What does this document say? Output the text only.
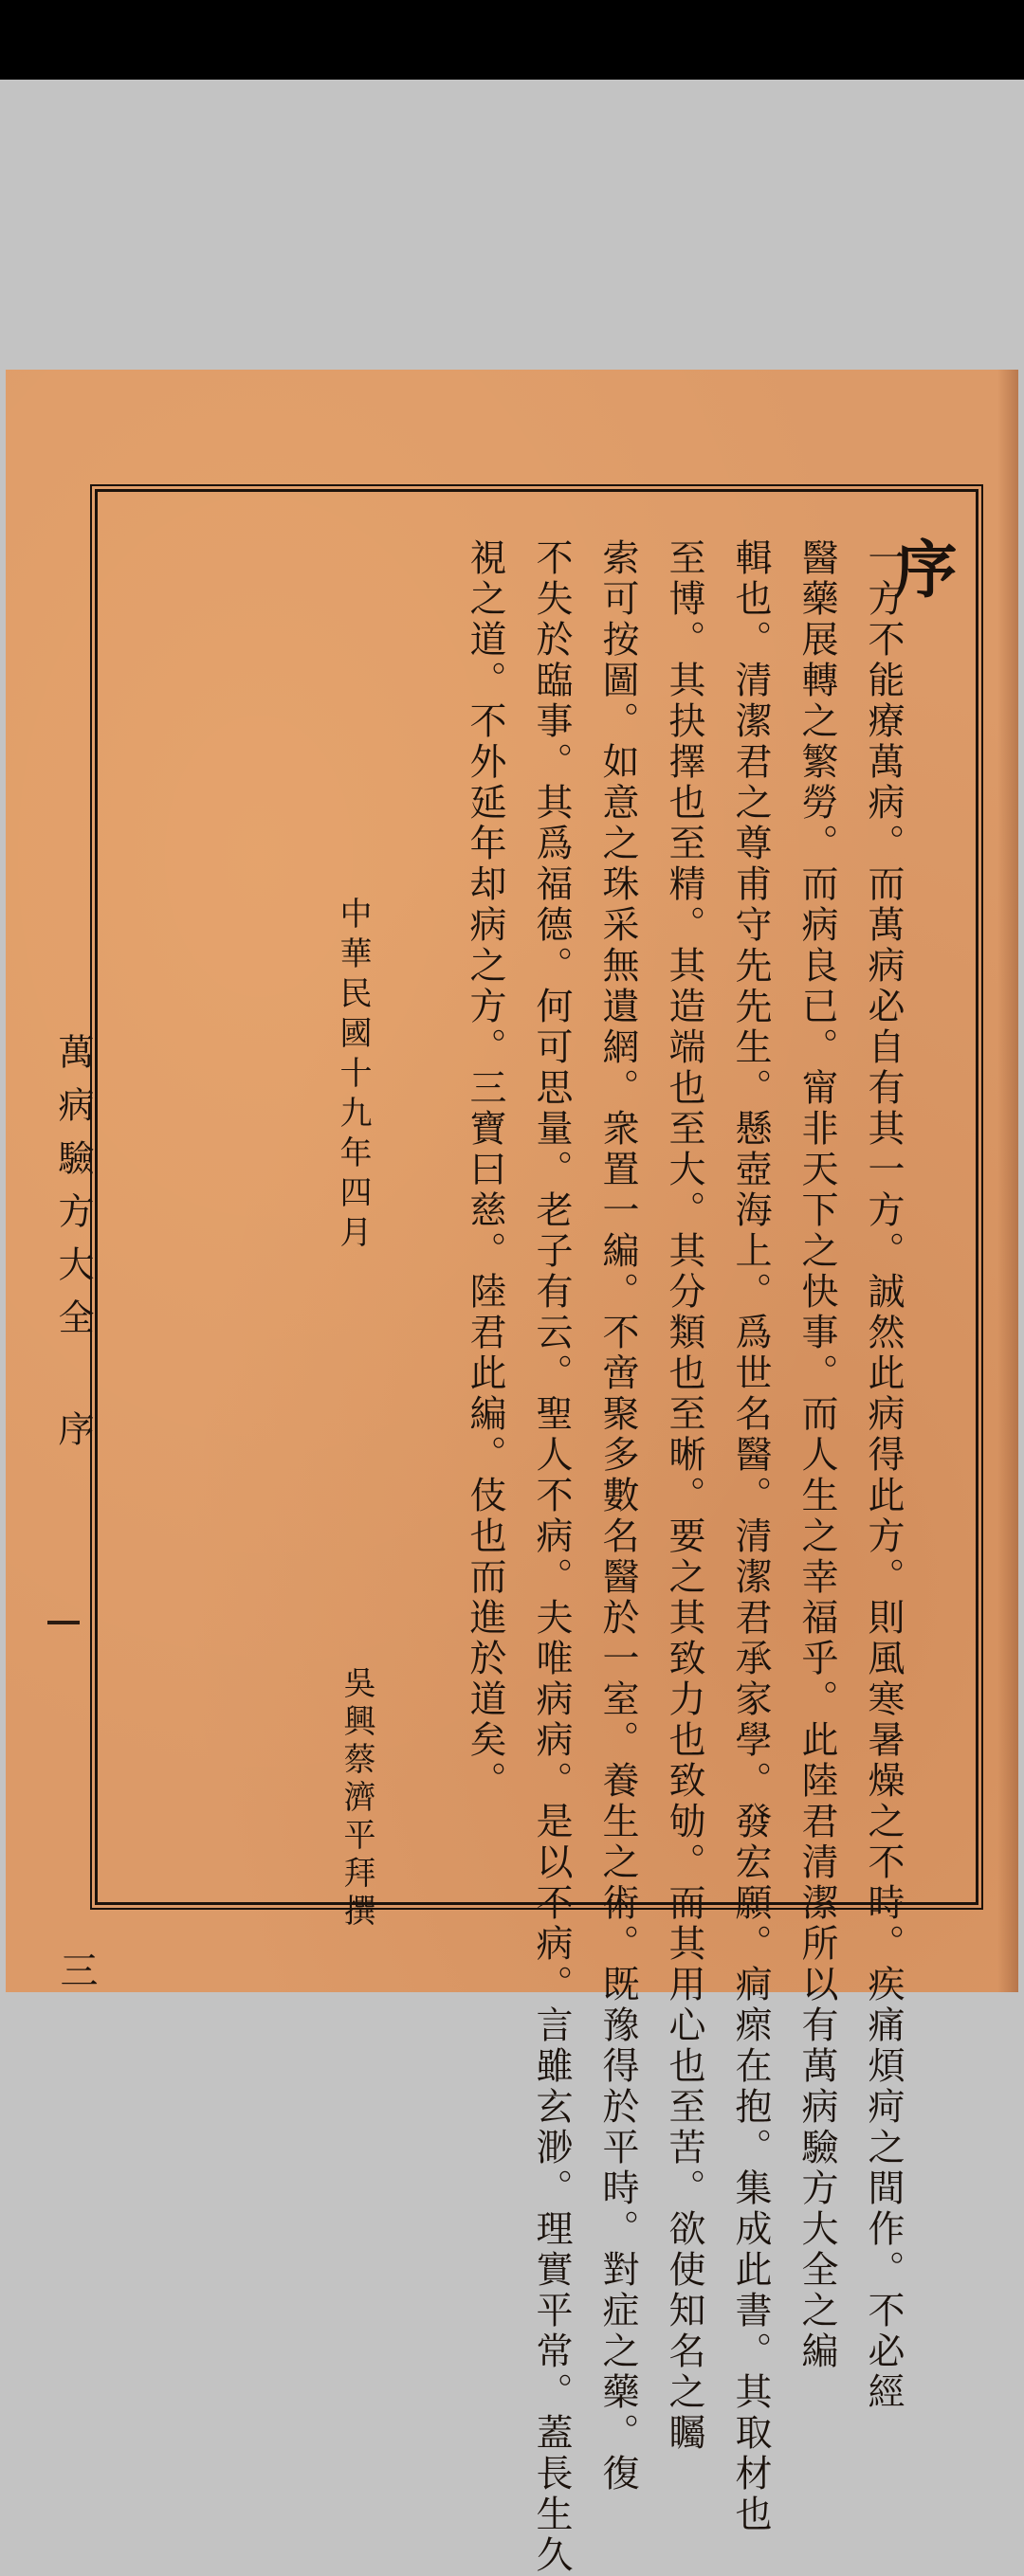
萬病驗方大全 序
三
序
一方不能療萬病。而萬病必自有其一方。誠然此病得此方。則風寒暑燥之不時。疾痛煩疴之間作。不必經
醫藥展轉之繁勞。而病良已。甯非天下之快事。而人生之幸福乎。此陸君清潔所以有萬病驗方大全之編
輯也。清潔君之尊甫守先先生。懸壺海上。爲世名醫。清潔君承家學。發宏願。痌瘝在抱。集成此書。其取材也
至博。其抉擇也至精。其造端也至大。其分類也至晰。要之其致力也致劬。而其用心也至苦。欲使知名之矚
索可按圖。如意之珠采無遺網。衆置一編。不啻聚多數名醫於一室。養生之術。既豫得於平時。對症之藥。復
不失於臨事。其爲福德。何可思量。老子有云。聖人不病。夫唯病病。是以不病。言雖玄渺。理實平常。蓋長生久
視之道。不外延年却病之方。三寶曰慈。陸君此編。伎也而進於道矣。
中華民國十九年四月
吳興蔡濟平拜撰
